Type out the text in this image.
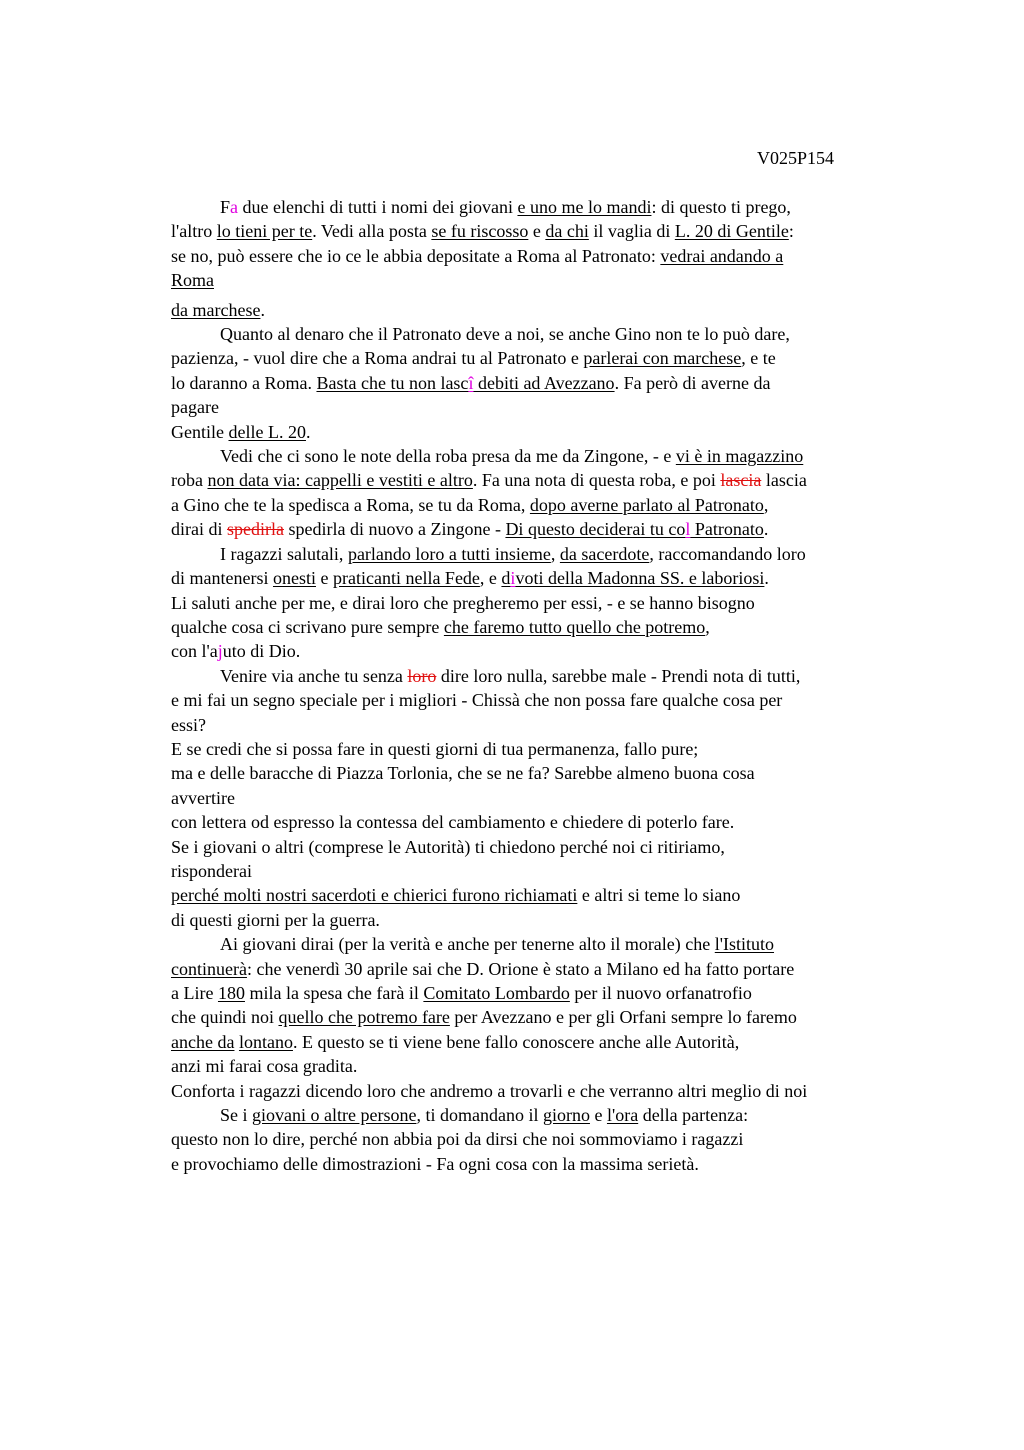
V025P154
Fa due elenchi di tutti i nomi dei giovani e uno me lo mandi: di questo ti prego,
l'altro lo tieni per te. Vedi alla posta se fu riscosso e da chi il vaglia di L. 20 di Gentile:
se no, può essere che io ce le abbia depositate a Roma al Patronato: vedrai andando a
Roma
da marchese.
Quanto al denaro che il Patronato deve a noi, se anche Gino non te lo può dare,
pazienza, - vuol dire che a Roma andrai tu al Patronato e parlerai con marchese, e te
lo daranno a Roma. Basta che tu non lascî debiti ad Avezzano. Fa però di averne da
pagare
Gentile delle L. 20.
Vedi che ci sono le note della roba presa da me da Zingone, - e vi è in magazzino
roba non data via: cappelli e vestiti e altro. Fa una nota di questa roba, e poi lascia lascia
a Gino che te la spedisca a Roma, se tu da Roma, dopo averne parlato al Patronato,
dirai di spedirla spedirla di nuovo a Zingone - Di questo deciderai tu col Patronato.
I ragazzi salutali, parlando loro a tutti insieme, da sacerdote, raccomandando loro
di mantenersi onesti e praticanti nella Fede, e divoti della Madonna SS. e laboriosi.
Li saluti anche per me, e dirai loro che pregheremo per essi, - e se hanno bisogno
qualche cosa ci scrivano pure sempre che faremo tutto quello che potremo,
con l'ajuto di Dio.
Venire via anche tu senza loro dire loro nulla, sarebbe male - Prendi nota di tutti,
e mi fai un segno speciale per i migliori - Chissà che non possa fare qualche cosa per
essi?
E se credi che si possa fare in questi giorni di tua permanenza, fallo pure;
ma e delle baracche di Piazza Torlonia, che se ne fa? Sarebbe almeno buona cosa
avvertire
con lettera od espresso la contessa del cambiamento e chiedere di poterlo fare.
Se i giovani o altri (comprese le Autorità) ti chiedono perché noi ci ritiriamo,
risponderai
perché molti nostri sacerdoti e chierici furono richiamati e altri si teme lo siano
di questi giorni per la guerra.
Ai giovani dirai (per la verità e anche per tenerne alto il morale) che l'Istituto
continuerà: che venerdì 30 aprile sai che D. Orione è stato a Milano ed ha fatto portare
a Lire 180 mila la spesa che farà il Comitato Lombardo per il nuovo orfanatrofio
che quindi noi quello che potremo fare per Avezzano e per gli Orfani sempre lo faremo
anche da lontano. E questo se ti viene bene fallo conoscere anche alle Autorità,
anzi mi farai cosa gradita.
Conforta i ragazzi dicendo loro che andremo a trovarli e che verranno altri meglio di noi
Se i giovani o altre persone, ti domandano il giorno e l'ora della partenza:
questo non lo dire, perché non abbia poi da dirsi che noi sommoviamo i ragazzi
e provochiamo delle dimostrazioni - Fa ogni cosa con la massima serietà.
